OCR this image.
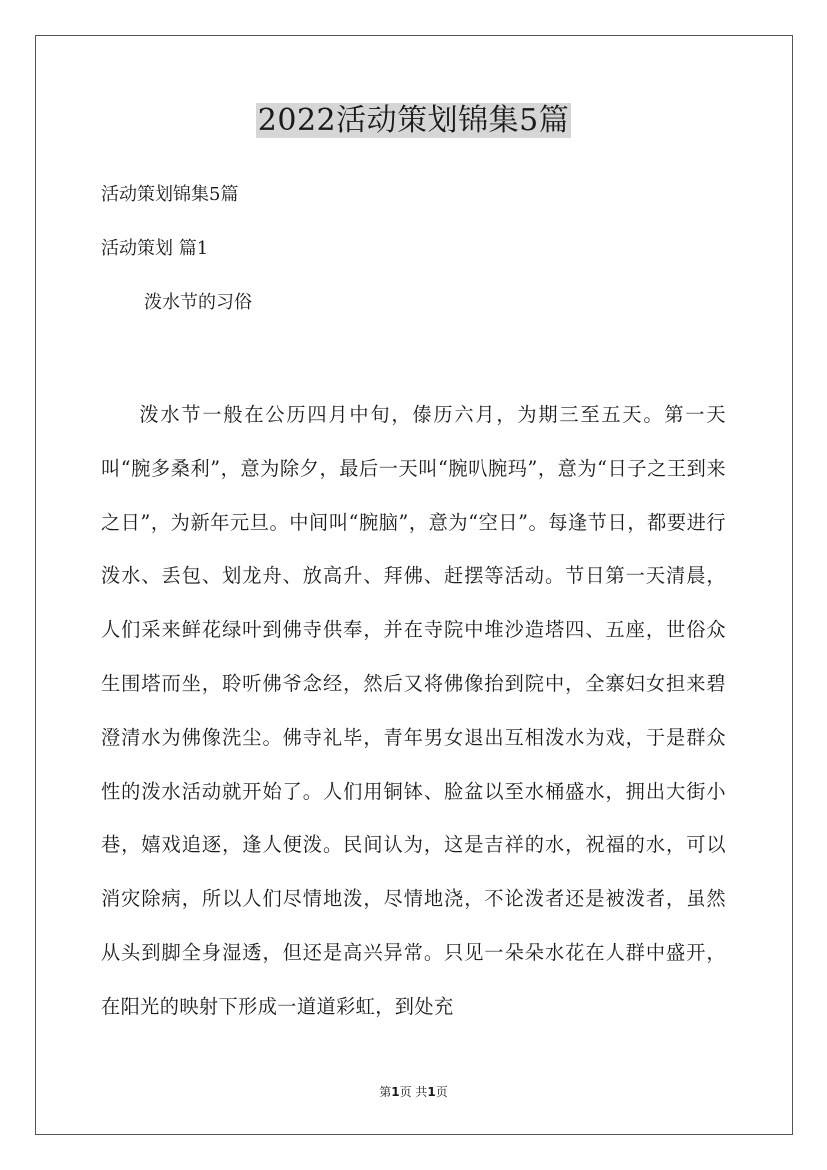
2022活动策划锦集5篇
活动策划锦集5篇
活动策划 篇1
泼水节的习俗

泼水节一般在公历四月中旬，傣历六月，为期三至五天。第一天叫“腕多桑利”，意为除夕，最后一天叫“腕叭腕玛”，意为“日子之王到来之日”，为新年元旦。中间叫“腕脑”，意为“空日”。每逢节日，都要进行泼水、丢包、划龙舟、放高升、拜佛、赶摆等活动。节日第一天清晨，人们采来鲜花绿叶到佛寺供奉，并在寺院中堆沙造塔四、五座，世俗众生围塔而坐，聆听佛爷念经，然后又将佛像抬到院中，全寨妇女担来碧澄清水为佛像洗尘。佛寺礼毕，青年男女退出互相泼水为戏，于是群众性的泼水活动就开始了。人们用铜钵、脸盆以至水桶盛水，拥出大街小巷，嬉戏追逐，逢人便泼。民间认为，这是吉祥的水，祝福的水，可以消灾除病，所以人们尽情地泼，尽情地浇，不论泼者还是被泼者，虽然从头到脚全身湿透，但还是高兴异常。只见一朵朵水花在人群中盛开，在阳光的映射下形成一道道彩虹，到处充

第1页 共1页
